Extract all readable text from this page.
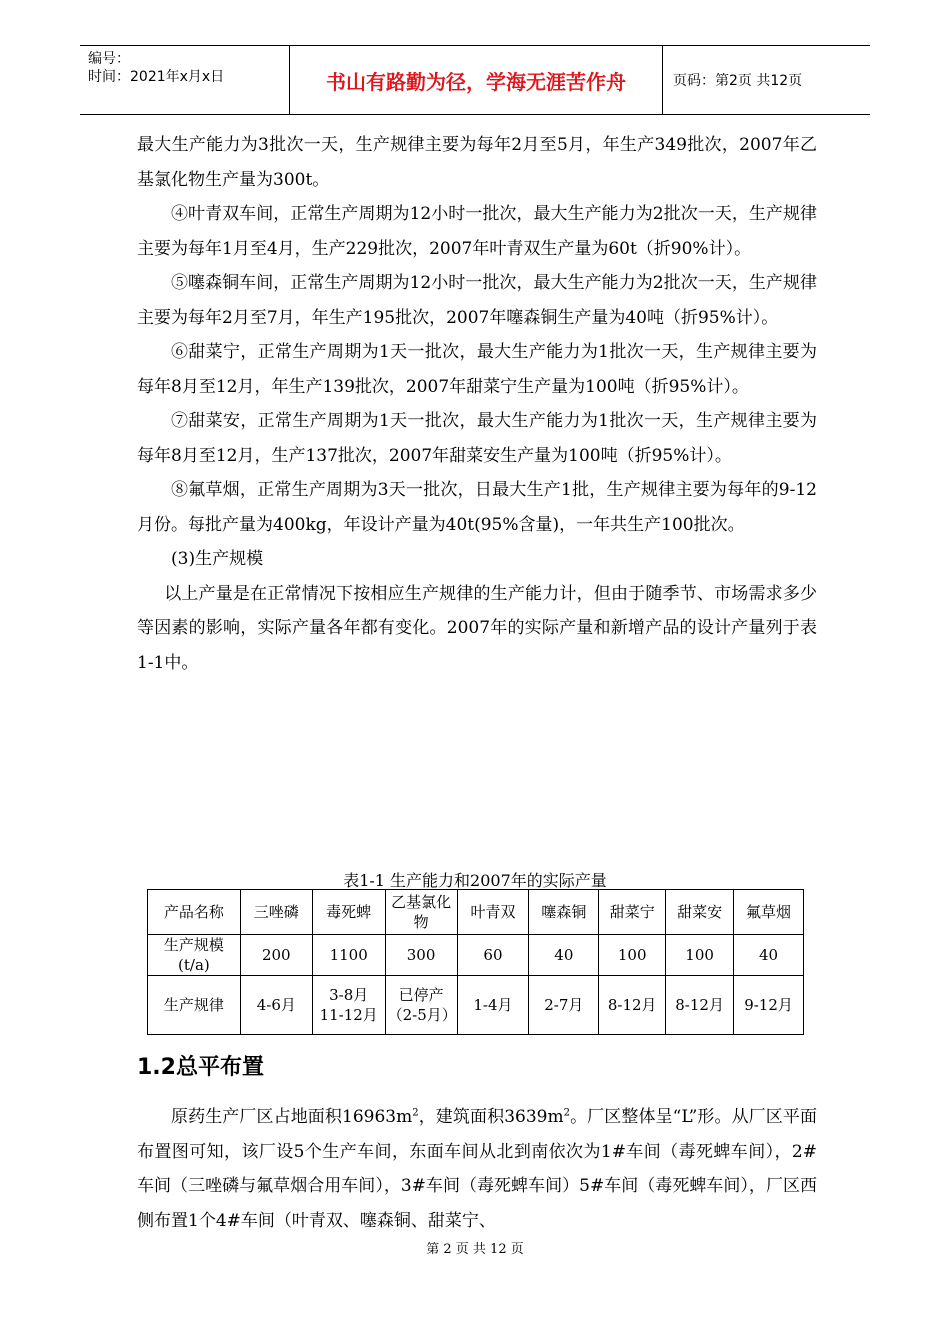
编号：
时间：2021年x月x日	书山有路勤为径，学海无涯苦作舟	页码：第2页 共12页

最大生产能力为3批次一天，生产规律主要为每年2月至5月，年生产349批次，2007年乙基氯化物生产量为300t。

④叶青双车间，正常生产周期为12小时一批次，最大生产能力为2批次一天，生产规律主要为每年1月至4月，生产229批次，2007年叶青双生产量为60t（折90%计）。

⑤噻森铜车间，正常生产周期为12小时一批次，最大生产能力为2批次一天，生产规律主要为每年2月至7月，年生产195批次，2007年噻森铜生产量为40吨（折95%计）。

⑥甜菜宁，正常生产周期为1天一批次，最大生产能力为1批次一天，生产规律主要为每年8月至12月，年生产139批次，2007年甜菜宁生产量为100吨（折95%计）。

⑦甜菜安，正常生产周期为1天一批次，最大生产能力为1批次一天，生产规律主要为每年8月至12月，生产137批次，2007年甜菜安生产量为100吨（折95%计）。

⑧氟草烟，正常生产周期为3天一批次，日最大生产1批，生产规律主要为每年的9-12月份。每批产量为400kg，年设计产量为40t(95%含量)，一年共生产100批次。

(3)生产规模

以上产量是在正常情况下按相应生产规律的生产能力计，但由于随季节、市场需求多少等因素的影响，实际产量各年都有变化。2007年的实际产量和新增产品的设计产量列于表1-1中。

表1-1 生产能力和2007年的实际产量
产品名称	三唑磷	毒死蜱	乙基氯化物	叶青双	噻森铜	甜菜宁	甜菜安	氟草烟
生产规模(t/a)	200	1100	300	60	40	100	100	40
生产规律	4-6月	3-8月 11-12月	已停产（2-5月）	1-4月	2-7月	8-12月	8-12月	9-12月
1.2总平布置

原药生产厂区占地面积$16963m^2$，建筑面积$3639m^2$。厂区整体呈“L”形。从厂区平面布置图可知，该厂设5个生产车间，东面车间从北到南依次为1#车间（毒死蜱车间），2#车间（三唑磷与氟草烟合用车间），3#车间（毒死蜱车间）5#车间（毒死蜱车间），厂区西侧布置1个4#车间（叶青双、噻森铜、甜菜宁、

第 2 页 共 12 页
